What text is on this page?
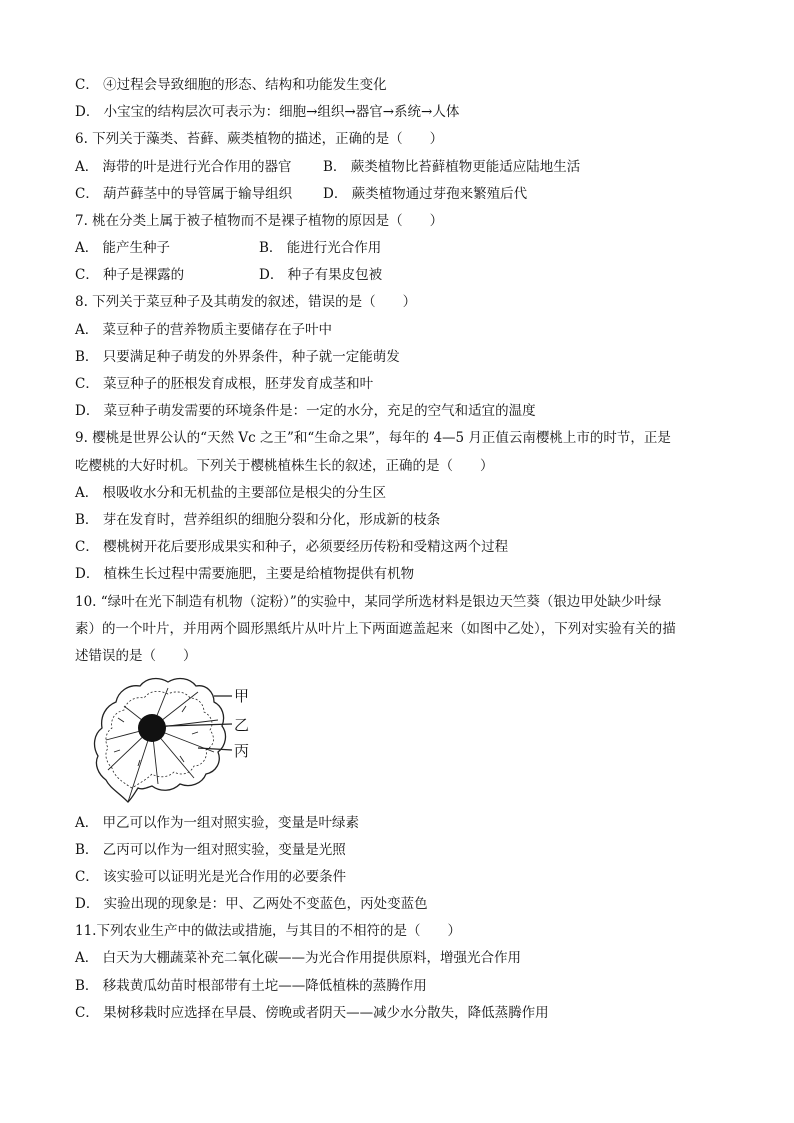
C． ④过程会导致细胞的形态、结构和功能发生变化
D． 小宝宝的结构层次可表示为：细胞→组织→器官→系统→人体
6. 下列关于藻类、苔藓、蕨类植物的描述，正确的是（　　）
A． 海带的叶是进行光合作用的器官 B． 蕨类植物比苔藓植物更能适应陆地生活
C． 葫芦藓茎中的导管属于输导组织 D． 蕨类植物通过芽孢来繁殖后代
7. 桃在分类上属于被子植物而不是裸子植物的原因是（　　）
A． 能产生种子	B． 能进行光合作用
C． 种子是裸露的	D． 种子有果皮包被
8. 下列关于菜豆种子及其萌发的叙述，错误的是（　　）
A． 菜豆种子的营养物质主要储存在子叶中
B． 只要满足种子萌发的外界条件，种子就一定能萌发
C． 菜豆种子的胚根发育成根，胚芽发育成茎和叶
D． 菜豆种子萌发需要的环境条件是：一定的水分，充足的空气和适宜的温度
9. 樱桃是世界公认的“天然 Vc 之王”和“生命之果”，每年的 4—5 月正值云南樱桃上市的时节，正是
吃樱桃的大好时机。下列关于樱桃植株生长的叙述，正确的是（　　）
A． 根吸收水分和无机盐的主要部位是根尖的分生区
B． 芽在发育时，营养组织的细胞分裂和分化，形成新的枝条
C． 樱桃树开花后要形成果实和种子，必须要经历传粉和受精这两个过程
D． 植株生长过程中需要施肥，主要是给植物提供有机物
10. “绿叶在光下制造有机物（淀粉）”的实验中，某同学所选材料是银边天竺葵（银边甲处缺少叶绿
素）的一个叶片，并用两个圆形黑纸片从叶片上下两面遮盖起来（如图中乙处），下列对实验有关的描
述错误的是（　　）
甲
乙
丙
A． 甲乙可以作为一组对照实验，变量是叶绿素
B． 乙丙可以作为一组对照实验，变量是光照
C． 该实验可以证明光是光合作用的必要条件
D． 实验出现的现象是：甲、乙两处不变蓝色，丙处变蓝色
11.下列农业生产中的做法或措施，与其目的不相符的是（　　）
A． 白天为大棚蔬菜补充二氧化碳——为光合作用提供原料，增强光合作用
B． 移栽黄瓜幼苗时根部带有土坨——降低植株的蒸腾作用
C． 果树移栽时应选择在早晨、傍晚或者阴天——减少水分散失，降低蒸腾作用
